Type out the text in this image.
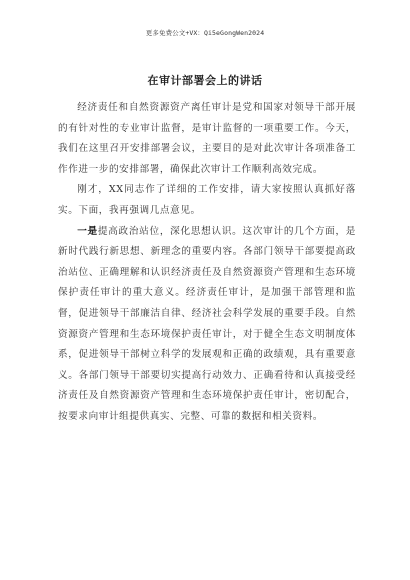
更多免费公文+VX：Qi5eGongWen2024
在审计部署会上的讲话

经济责任和自然资源资产离任审计是党和国家对领导干部开展的有针对性的专业审计监督，是审计监督的一项重要工作。今天，我们在这里召开安排部署会议，主要目的是对此次审计各项准备工作作进一步的安排部署，确保此次审计工作顺利高效完成。

刚才，XX同志作了详细的工作安排，请大家按照认真抓好落实。下面，我再强调几点意见。

一是提高政治站位，深化思想认识。这次审计的几个方面，是新时代践行新思想、新理念的重要内容。各部门领导干部要提高政治站位、正确理解和认识经济责任及自然资源资产管理和生态环境保护责任审计的重大意义。经济责任审计，是加强干部管理和监督，促进领导干部廉洁自律、经济社会科学发展的重要手段。自然资源资产管理和生态环境保护责任审计，对于健全生态文明制度体系，促进领导干部树立科学的发展观和正确的政绩观，具有重要意义。各部门领导干部要切实提高行动效力、正确看待和认真接受经济责任及自然资源资产管理和生态环境保护责任审计，密切配合，按要求向审计组提供真实、完整、可靠的数据和相关资料。
